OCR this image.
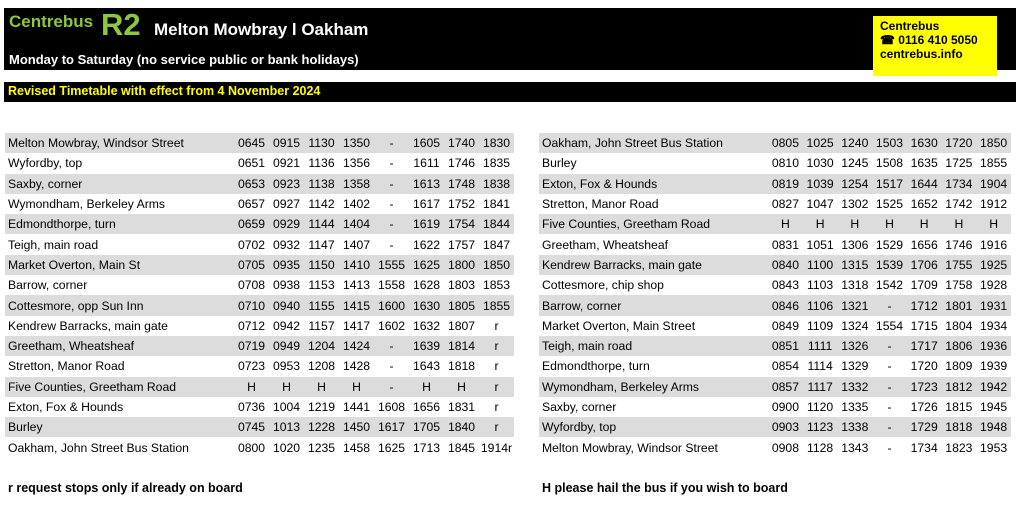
Centrebus R2 Melton Mowbray l Oakham
Monday to Saturday (no service public or bank holidays)
Centrebus
☎ 0116 410 5050
centrebus.info
Revised Timetable with effect from 4 November 2024
Melton Mowbray, Windsor Street	0645	0915	1130	1350	-	1605	1740	1830
Wyfordby, top	0651	0921	1136	1356	-	1611	1746	1835
Saxby, corner	0653	0923	1138	1358	-	1613	1748	1838
Wymondham, Berkeley Arms	0657	0927	1142	1402	-	1617	1752	1841
Edmondthorpe, turn	0659	0929	1144	1404	-	1619	1754	1844
Teigh, main road	0702	0932	1147	1407	-	1622	1757	1847
Market Overton, Main St	0705	0935	1150	1410	1555	1625	1800	1850
Barrow, corner	0708	0938	1153	1413	1558	1628	1803	1853
Cottesmore, opp Sun Inn	0710	0940	1155	1415	1600	1630	1805	1855
Kendrew Barracks, main gate	0712	0942	1157	1417	1602	1632	1807	r
Greetham, Wheatsheaf	0719	0949	1204	1424	-	1639	1814	r
Stretton, Manor Road	0723	0953	1208	1428	-	1643	1818	r
Five Counties, Greetham Road	H	H	H	H	-	H	H	r
Exton, Fox & Hounds	0736	1004	1219	1441	1608	1656	1831	r
Burley	0745	1013	1228	1450	1617	1705	1840	r
Oakham, John Street Bus Station	0800	1020	1235	1458	1625	1713	1845	1914r
Oakham, John Street Bus Station	0805	1025	1240	1503	1630	1720	1850
Burley	0810	1030	1245	1508	1635	1725	1855
Exton, Fox & Hounds	0819	1039	1254	1517	1644	1734	1904
Stretton, Manor Road	0827	1047	1302	1525	1652	1742	1912
Five Counties, Greetham Road	H	H	H	H	H	H	H
Greetham, Wheatsheaf	0831	1051	1306	1529	1656	1746	1916
Kendrew Barracks, main gate	0840	1100	1315	1539	1706	1755	1925
Cottesmore, chip shop	0843	1103	1318	1542	1709	1758	1928
Barrow, corner	0846	1106	1321	-	1712	1801	1931
Market Overton, Main Street	0849	1109	1324	1554	1715	1804	1934
Teigh, main road	0851	1111	1326	-	1717	1806	1936
Edmondthorpe, turn	0854	1114	1329	-	1720	1809	1939
Wymondham, Berkeley Arms	0857	1117	1332	-	1723	1812	1942
Saxby, corner	0900	1120	1335	-	1726	1815	1945
Wyfordby, top	0903	1123	1338	-	1729	1818	1948
Melton Mowbray, Windsor Street	0908	1128	1343	-	1734	1823	1953
r request stops only if already on board	H please hail the bus if you wish to board
